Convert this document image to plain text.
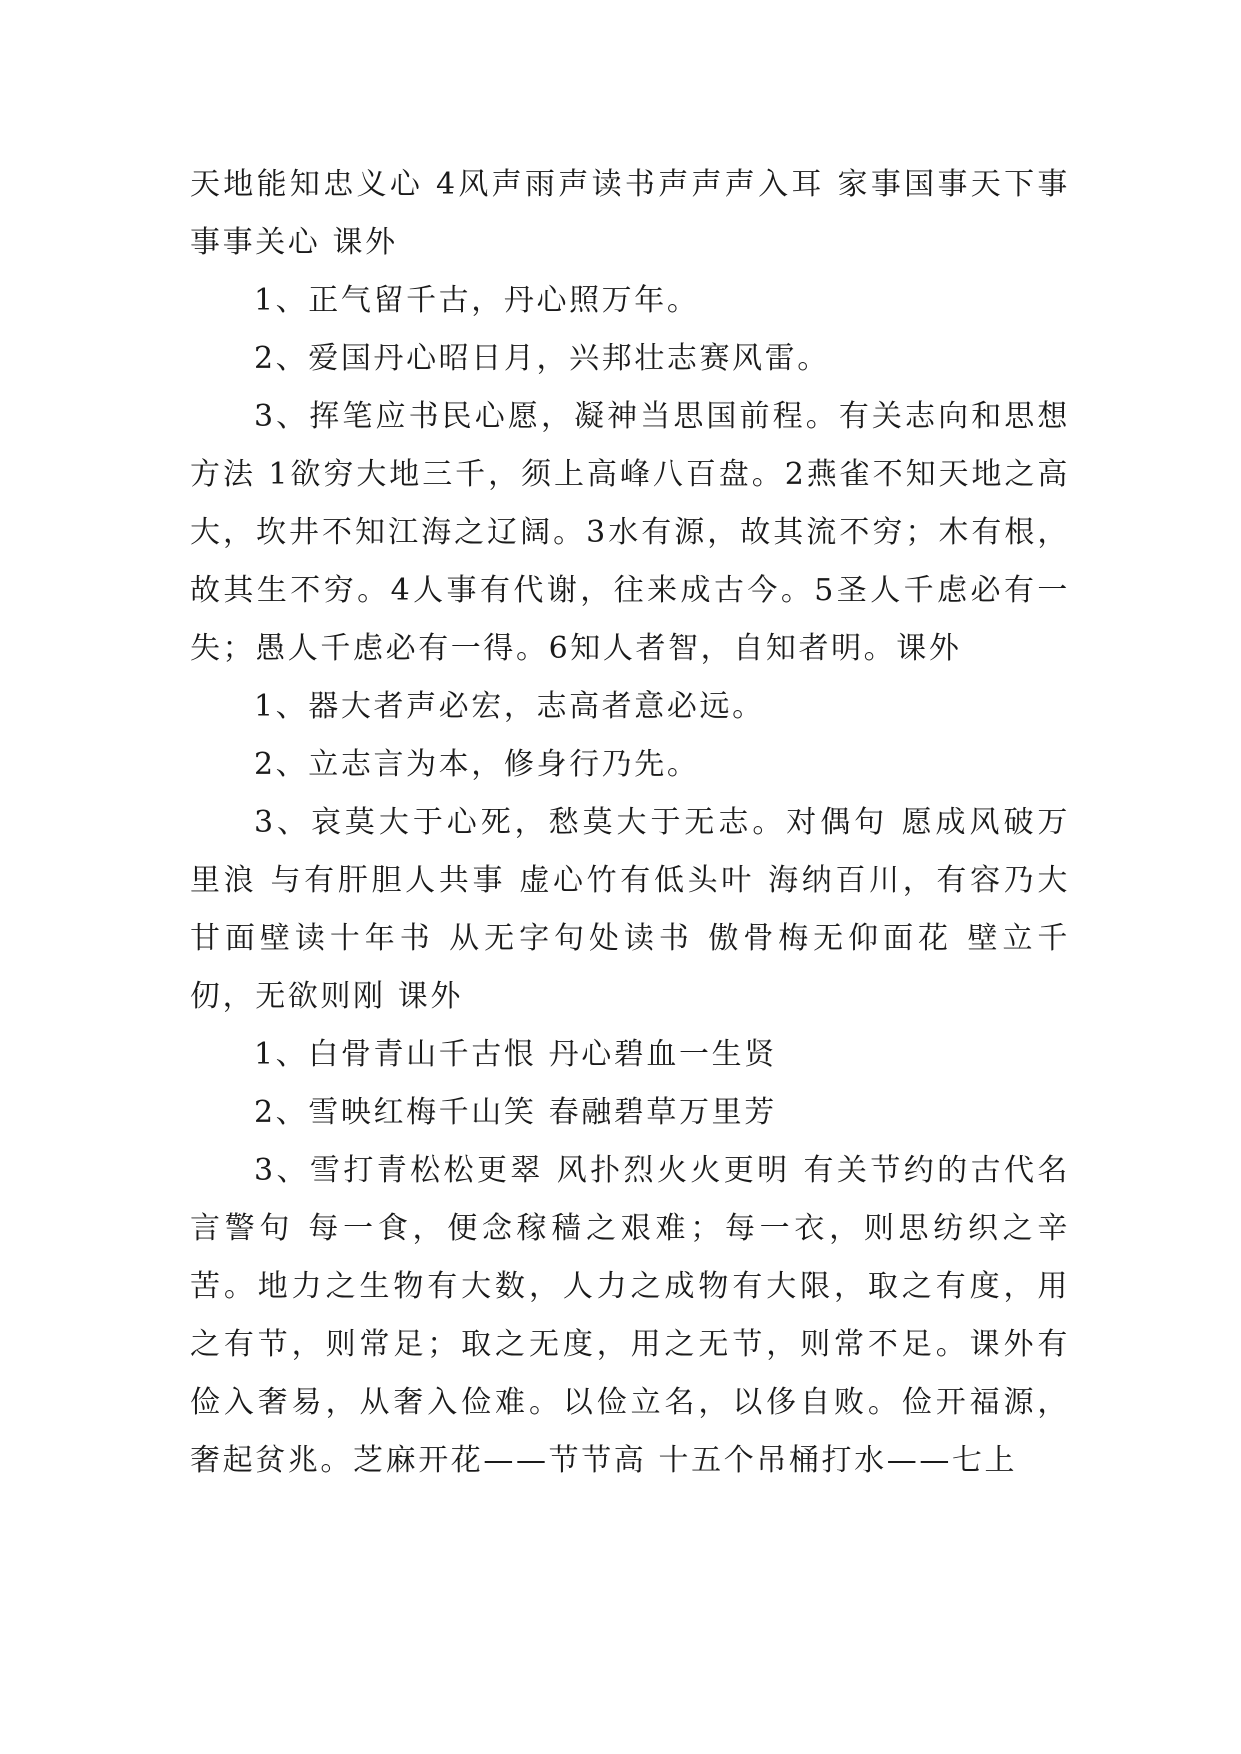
天地能知忠义心 4风声雨声读书声声声入耳 家事国事天下事事事关心 课外

1、正气留千古，丹心照万年。

2、爱国丹心昭日月，兴邦壮志赛风雷。

3、挥笔应书民心愿，凝神当思国前程。有关志向和思想方法 1欲穷大地三千，须上高峰八百盘。2燕雀不知天地之高大，坎井不知江海之辽阔。3水有源，故其流不穷；木有根，故其生不穷。4人事有代谢，往来成古今。5圣人千虑必有一失；愚人千虑必有一得。6知人者智，自知者明。课外

1、器大者声必宏，志高者意必远。

2、立志言为本，修身行乃先。

3、哀莫大于心死，愁莫大于无志。对偶句 愿成风破万里浪 与有肝胆人共事 虚心竹有低头叶 海纳百川，有容乃大 甘面壁读十年书 从无字句处读书 傲骨梅无仰面花 壁立千仞，无欲则刚 课外

1、白骨青山千古恨 丹心碧血一生贤

2、雪映红梅千山笑 春融碧草万里芳

3、雪打青松松更翠 风扑烈火火更明 有关节约的古代名言警句 每一食，便念稼穑之艰难；每一衣，则思纺织之辛苦。地力之生物有大数，人力之成物有大限，取之有度，用之有节，则常足；取之无度，用之无节，则常不足。课外有俭入奢易，从奢入俭难。以俭立名，以侈自败。俭开福源，奢起贫兆。芝麻开花——节节高 十五个吊桶打水——七上
